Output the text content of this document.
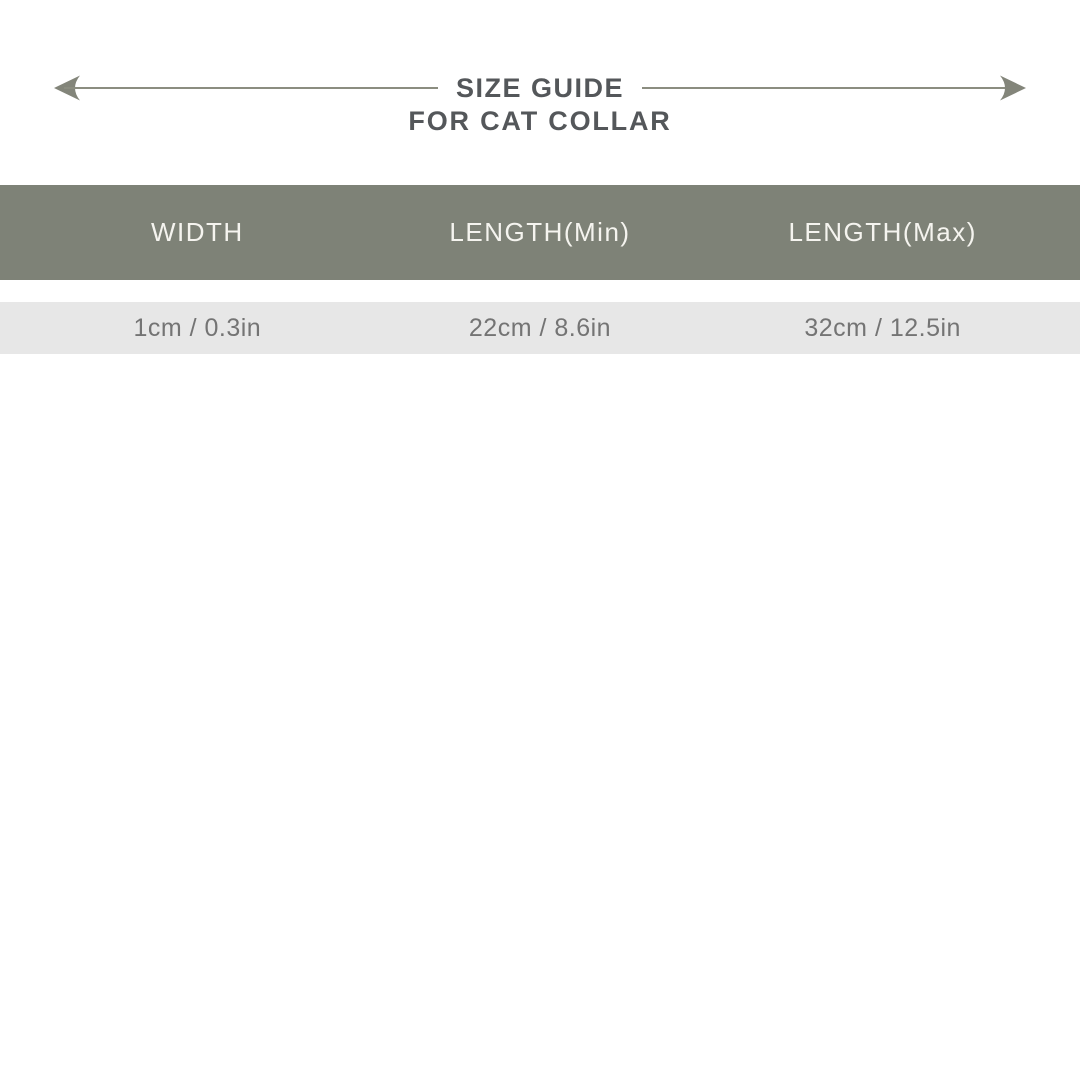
SIZE GUIDE
FOR CAT COLLAR
WIDTH	LENGTH(Min)	LENGTH(Max)
1cm / 0.3in	22cm / 8.6in	32cm / 12.5in
